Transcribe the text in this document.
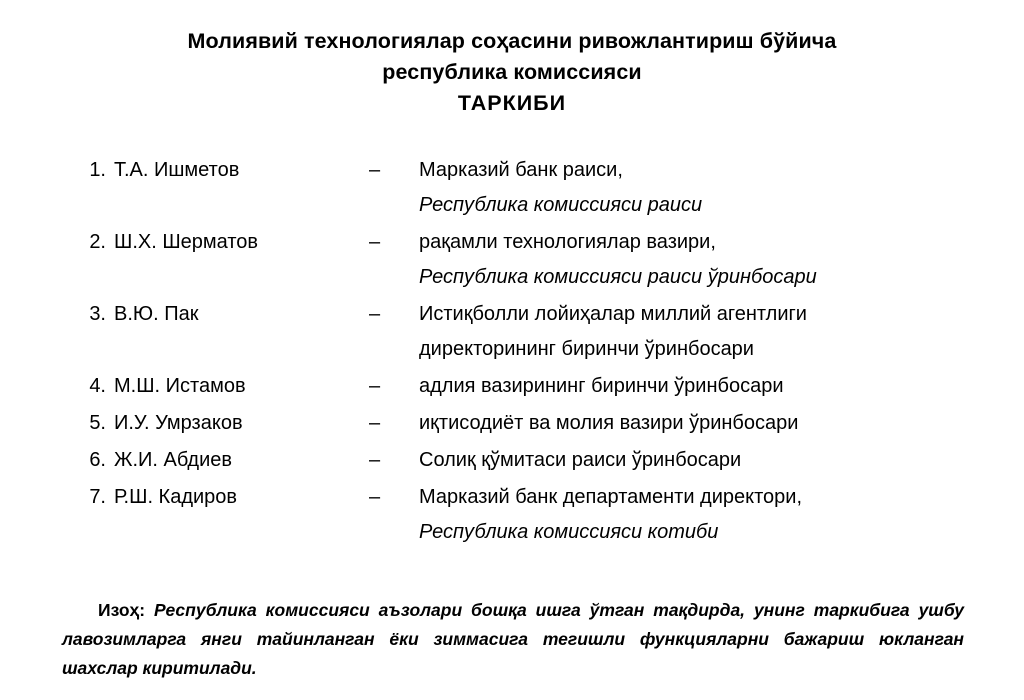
Молиявий технологиялар соҳасини ривожлантириш бўйича
республика комиссияси
ТАРКИБИ
1. Т.А. Ишметов	–	Марказий банк раиси,
Республика комиссияси раиси
2. Ш.Х. Шерматов	–	рақамли технологиялар вазири,
Республика комиссияси раиси ўринбосари
3. В.Ю. Пак	–	Истиқболли лойиҳалар миллий агентлиги
директорининг биринчи ўринбосари
4. М.Ш. Истамов	–	адлия вазирининг биринчи ўринбосари
5. И.У. Умрзаков	–	иқтисодиёт ва молия вазири ўринбосари
6. Ж.И. Абдиев	–	Солиқ қўмитаси раиси ўринбосари
7. Р.Ш. Кадиров	–	Марказий банк департаменти директори,
Республика комиссияси котиби
Изоҳ: Республика комиссияси аъзолари бошқа ишга ўтган тақдирда, унинг таркибига ушбу лавозимларга янги тайинланган ёки зиммасига тегишли функцияларни бажариш юкланган шахслар киритилади.
